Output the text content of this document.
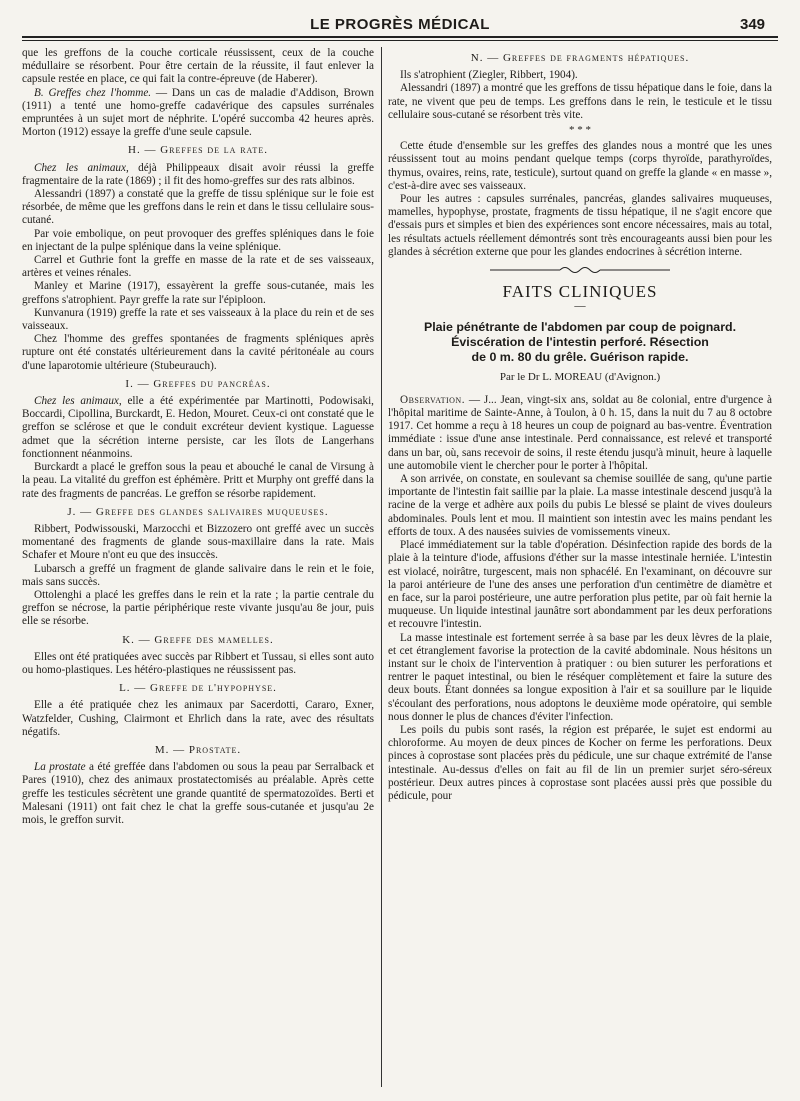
LE PROGRÈS MÉDICAL	349

que les greffons de la couche corticale réussissent, ceux de la couche médullaire se résorbent. Pour être certain de la réussite, il faut enlever la capsule restée en place, ce qui fait la contre-épreuve (de Haberer).

B. Greffes chez l'homme. — Dans un cas de maladie d'Addison, Brown (1911) a tenté une homo-greffe cadavérique des capsules surrénales empruntées à un sujet mort de néphrite. L'opéré succomba 42 heures après. Morton (1912) essaye la greffe d'une seule capsule.

H. — Greffes de la rate.

Chez les animaux, déjà Philippeaux disait avoir réussi la greffe fragmentaire de la rate (1869) ; il fit des homo-greffes sur des rats albinos.

Alessandri (1897) a constaté que la greffe de tissu splénique sur le foie est résorbée, de même que les greffons dans le rein et dans le tissu cellulaire sous-cutané.

Par voie embolique, on peut provoquer des greffes spléniques dans le foie en injectant de la pulpe splénique dans la veine splénique.

Carrel et Guthrie font la greffe en masse de la rate et de ses vaisseaux, artères et veines rénales.

Manley et Marine (1917), essayèrent la greffe sous-cutanée, mais les greffons s'atrophient. Payr greffe la rate sur l'épiploon.

Kunvanura (1919) greffe la rate et ses vaisseaux à la place du rein et de ses vaisseaux.

Chez l'homme des greffes spontanées de fragments spléniques après rupture ont été constatés ultérieurement dans la cavité péritonéale au cours d'une laparotomie ultérieure (Stubeurauch).

I. — Greffes du pancréas.

Chez les animaux, elle a été expérimentée par Martinotti, Podowisaki, Boccardi, Cipollina, Burckardt, E. Hedon, Mouret. Ceux-ci ont constaté que le greffon se sclérose et que le conduit excréteur devient kystique. Laguesse admet que la sécrétion interne persiste, car les îlots de Langerhans fonctionnent néanmoins.

Burckardt a placé le greffon sous la peau et abouché le canal de Virsung à la peau. La vitalité du greffon est éphémère. Pritt et Murphy ont greffé dans la rate des fragments de pancréas. Le greffon se résorbe rapidement.

J. — Greffe des glandes salivaires muqueuses.

Ribbert, Podwissouski, Marzocchi et Bizzozero ont greffé avec un succès momentané des fragments de glande sous-maxillaire dans la rate. Mais Schafer et Moure n'ont eu que des insuccès.

Lubarsch a greffé un fragment de glande salivaire dans le rein et le foie, mais sans succès.

Ottolenghi a placé les greffes dans le rein et la rate ; la partie centrale du greffon se nécrose, la partie périphérique reste vivante jusqu'au 8e jour, puis elle se résorbe.

K. — Greffe des mamelles.

Elles ont été pratiquées avec succès par Ribbert et Tussau, si elles sont auto ou homo-plastiques. Les hétéro-plastiques ne réussissent pas.

L. — Greffe de l'hypophyse.

Elle a été pratiquée chez les animaux par Sacerdotti, Cararo, Exner, Watzfelder, Cushing, Clairmont et Ehrlich dans la rate, avec des résultats négatifs.

M. — Prostate.

La prostate a été greffée dans l'abdomen ou sous la peau par Serralback et Pares (1910), chez des animaux prostatectomisés au préalable. Après cette greffe les testicules sécrètent une grande quantité de spermatozoïdes. Berti et Malesani (1911) ont fait chez le chat la greffe sous-cutanée et jusqu'au 2e mois, le greffon survit.

N. — Greffes de fragments hépatiques.

Ils s'atrophient (Ziegler, Ribbert, 1904).

Alessandri (1897) a montré que les greffons de tissu hépatique dans le foie, dans la rate, ne vivent que peu de temps. Les greffons dans le rein, le testicule et le tissu cellulaire sous-cutané se résorbent très vite.

* * *

Cette étude d'ensemble sur les greffes des glandes nous a montré que les unes réussissent tout au moins pendant quelque temps (corps thyroïde, parathyroïdes, thymus, ovaires, reins, rate, testicule), surtout quand on greffe la glande « en masse », c'est-à-dire avec ses vaisseaux.

Pour les autres : capsules surrénales, pancréas, glandes salivaires muqueuses, mamelles, hypophyse, prostate, fragments de tissu hépatique, il ne s'agit encore que d'essais purs et simples et bien des expériences sont encore nécessaires, mais au total, les résultats actuels réellement démontrés sont très encourageants aussi bien pour les glandes à sécrétion externe que pour les glandes endocrines à sécrétion interne.

FAITS CLINIQUES
—
Plaie pénétrante de l'abdomen par coup de poignard.
Éviscération de l'intestin perforé. Résection
de 0 m. 80 du grêle. Guérison rapide.
Par le Dr L. MOREAU (d'Avignon.)

Observation. — J... Jean, vingt-six ans, soldat au 8e colonial, entre d'urgence à l'hôpital maritime de Sainte-Anne, à Toulon, à 0 h. 15, dans la nuit du 7 au 8 octobre 1917. Cet homme a reçu à 18 heures un coup de poignard au bas-ventre. Éventration immédiate : issue d'une anse intestinale. Perd connaissance, est relevé et transporté dans un bar, où, sans recevoir de soins, il reste étendu jusqu'à minuit, heure à laquelle une automobile vient le chercher pour le porter à l'hôpital.

A son arrivée, on constate, en soulevant sa chemise souillée de sang, qu'une partie importante de l'intestin fait saillie par la plaie. La masse intestinale descend jusqu'à la racine de la verge et adhère aux poils du pubis Le blessé se plaint de vives douleurs abdominales. Pouls lent et mou. Il maintient son intestin avec les mains pendant les efforts de toux. A des nausées suivies de vomissements vineux.

Placé immédiatement sur la table d'opération. Désinfection rapide des bords de la plaie à la teinture d'iode, affusions d'éther sur la masse intestinale herniée. L'intestin est violacé, noirâtre, turgescent, mais non sphacélé. En l'examinant, on découvre sur la paroi antérieure de l'une des anses une perforation d'un centimètre de diamètre et en face, sur la paroi postérieure, une autre perforation plus petite, par où fait hernie la muqueuse. Un liquide intestinal jaunâtre sort abondamment par les deux perforations et recouvre l'intestin.

La masse intestinale est fortement serrée à sa base par les deux lèvres de la plaie, et cet étranglement favorise la protection de la cavité abdominale. Nous hésitons un instant sur le choix de l'intervention à pratiquer : ou bien suturer les perforations et rentrer le paquet intestinal, ou bien le réséquer complètement et faire la suture des deux bouts. Étant données sa longue exposition à l'air et sa souillure par le liquide s'écoulant des perforations, nous adoptons le deuxième mode opératoire, qui semble nous donner le plus de chances d'éviter l'infection.

Les poils du pubis sont rasés, la région est préparée, le sujet est endormi au chloroforme. Au moyen de deux pinces de Kocher on ferme les perforations. Deux pinces à coprostase sont placées près du pédicule, une sur chaque extrémité de l'anse intestinale. Au-dessus d'elles on fait au fil de lin un premier surjet séro-séreux postérieur. Deux autres pinces à coprostase sont placées aussi près que possible du pédicule, pour
